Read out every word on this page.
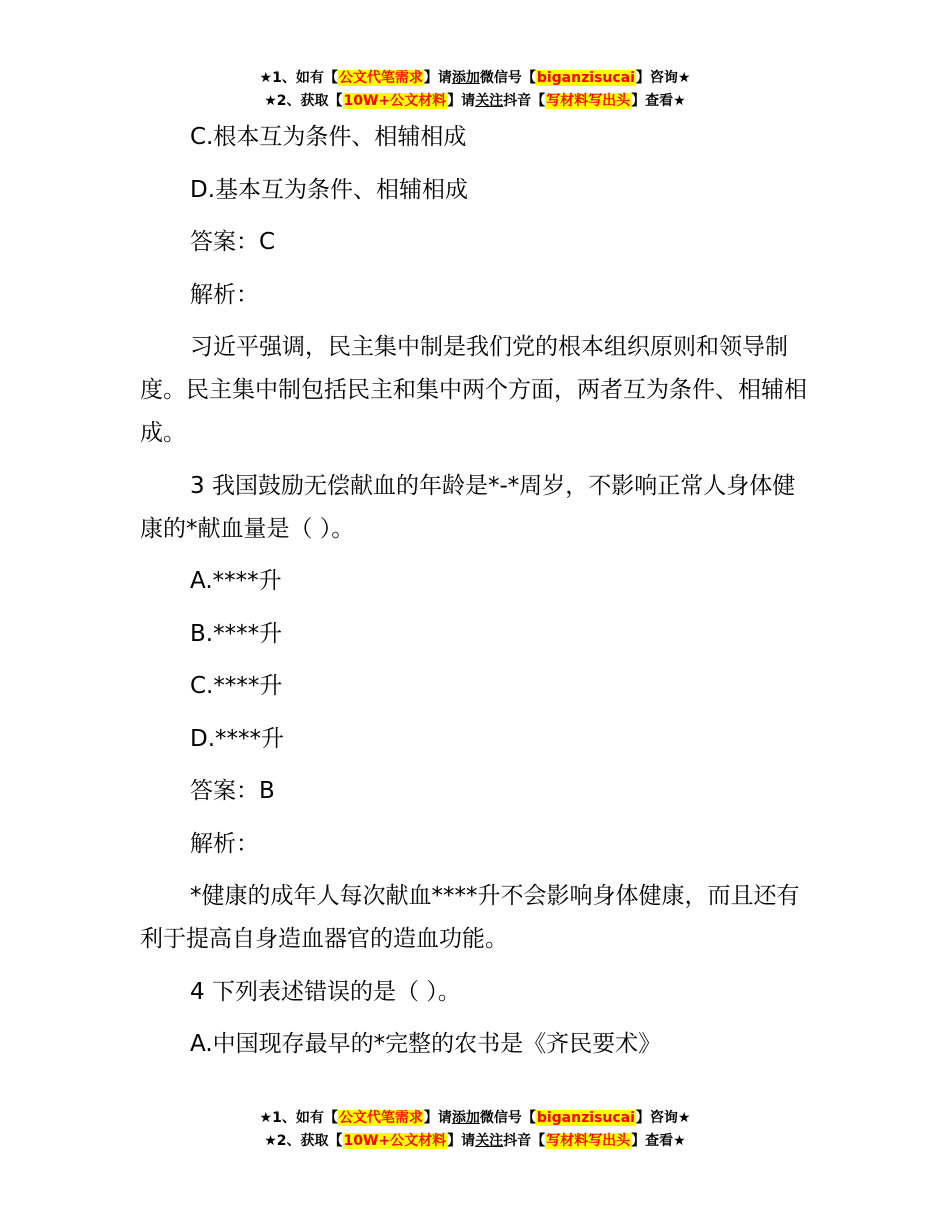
★1、如有【公文代笔需求】请添加微信号【biganzisucai】咨询★
★2、获取【10W+公文材料】请关注抖音【写材料写出头】查看★

C.根本互为条件、相辅相成

D.基本互为条件、相辅相成

答案：C

解析：

习近平强调，民主集中制是我们党的根本组织原则和领导制度。民主集中制包括民主和集中两个方面，两者互为条件、相辅相成。

3 我国鼓励无偿献血的年龄是*-*周岁，不影响正常人身体健康的*献血量是（ ）。

A.****升

B.****升

C.****升

D.****升

答案：B

解析：

*健康的成年人每次献血****升不会影响身体健康，而且还有利于提高自身造血器官的造血功能。

4 下列表述错误的是（ ）。

A.中国现存最早的*完整的农书是《齐民要术》

★1、如有【公文代笔需求】请添加微信号【biganzisucai】咨询★
★2、获取【10W+公文材料】请关注抖音【写材料写出头】查看★
